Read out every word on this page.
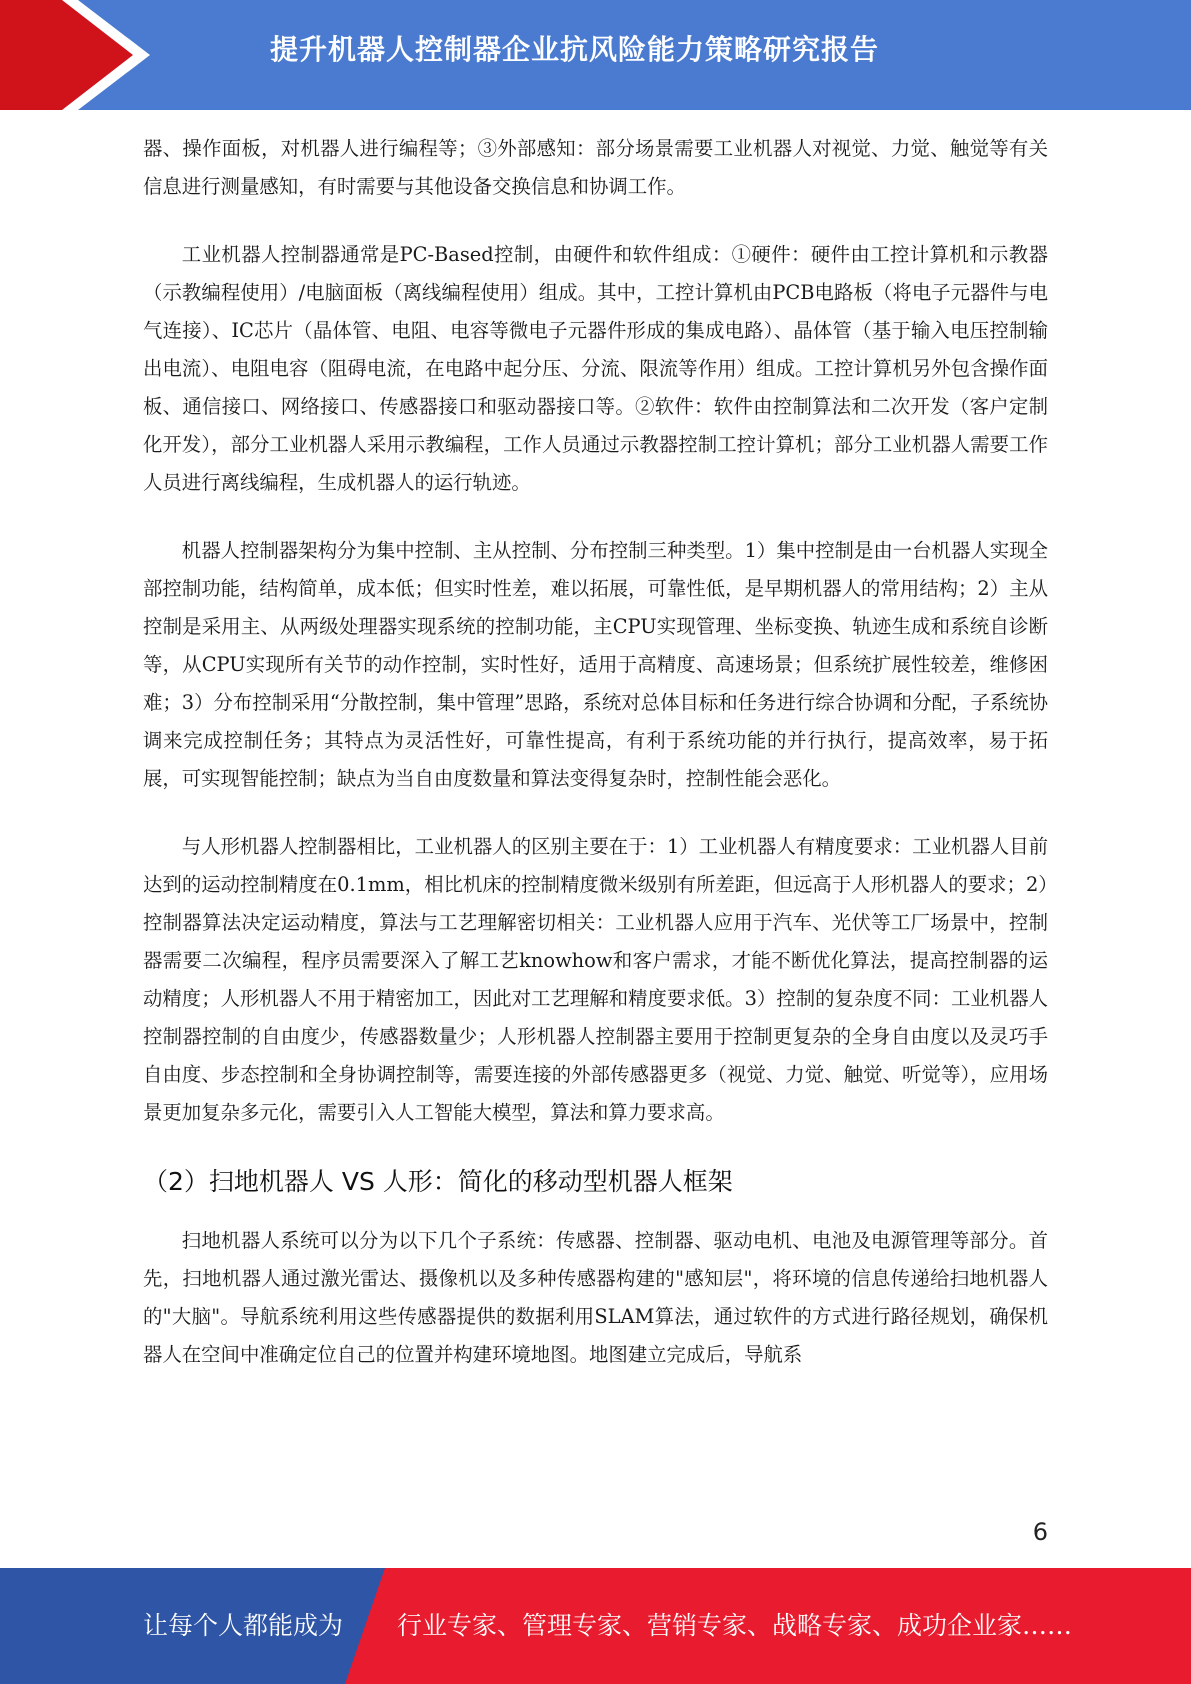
提升机器人控制器企业抗风险能力策略研究报告

器、操作面板，对机器人进行编程等；③外部感知：部分场景需要工业机器人对视觉、力觉、触觉等有关信息进行测量感知，有时需要与其他设备交换信息和协调工作。

工业机器人控制器通常是PC-Based控制，由硬件和软件组成：①硬件：硬件由工控计算机和示教器（示教编程使用）/电脑面板（离线编程使用）组成。其中，工控计算机由PCB电路板（将电子元器件与电气连接）、IC芯片（晶体管、电阻、电容等微电子元器件形成的集成电路）、晶体管（基于输入电压控制输出电流）、电阻电容（阻碍电流，在电路中起分压、分流、限流等作用）组成。工控计算机另外包含操作面板、通信接口、网络接口、传感器接口和驱动器接口等。②软件：软件由控制算法和二次开发（客户定制化开发），部分工业机器人采用示教编程，工作人员通过示教器控制工控计算机；部分工业机器人需要工作人员进行离线编程，生成机器人的运行轨迹。

机器人控制器架构分为集中控制、主从控制、分布控制三种类型。1）集中控制是由一台机器人实现全部控制功能，结构简单，成本低；但实时性差，难以拓展，可靠性低，是早期机器人的常用结构；2）主从控制是采用主、从两级处理器实现系统的控制功能，主CPU实现管理、坐标变换、轨迹生成和系统自诊断等，从CPU实现所有关节的动作控制，实时性好，适用于高精度、高速场景；但系统扩展性较差，维修困难；3）分布控制采用“分散控制，集中管理”思路，系统对总体目标和任务进行综合协调和分配，子系统协调来完成控制任务；其特点为灵活性好，可靠性提高，有利于系统功能的并行执行，提高效率，易于拓展，可实现智能控制；缺点为当自由度数量和算法变得复杂时，控制性能会恶化。

与人形机器人控制器相比，工业机器人的区别主要在于：1）工业机器人有精度要求：工业机器人目前达到的运动控制精度在0.1mm，相比机床的控制精度微米级别有所差距，但远高于人形机器人的要求；2）控制器算法决定运动精度，算法与工艺理解密切相关：工业机器人应用于汽车、光伏等工厂场景中，控制器需要二次编程，程序员需要深入了解工艺knowhow和客户需求，才能不断优化算法，提高控制器的运动精度；人形机器人不用于精密加工，因此对工艺理解和精度要求低。3）控制的复杂度不同：工业机器人控制器控制的自由度少，传感器数量少；人形机器人控制器主要用于控制更复杂的全身自由度以及灵巧手自由度、步态控制和全身协调控制等，需要连接的外部传感器更多（视觉、力觉、触觉、听觉等），应用场景更加复杂多元化，需要引入人工智能大模型，算法和算力要求高。

（2）扫地机器人 VS 人形：简化的移动型机器人框架

扫地机器人系统可以分为以下几个子系统：传感器、控制器、驱动电机、电池及电源管理等部分。首先，扫地机器人通过激光雷达、摄像机以及多种传感器构建的"感知层"，将环境的信息传递给扫地机器人的"大脑"。导航系统利用这些传感器提供的数据利用SLAM算法，通过软件的方式进行路径规划，确保机器人在空间中准确定位自己的位置并构建环境地图。地图建立完成后，导航系

6
让每个人都能成为 行业专家、管理专家、营销专家、战略专家、成功企业家……
